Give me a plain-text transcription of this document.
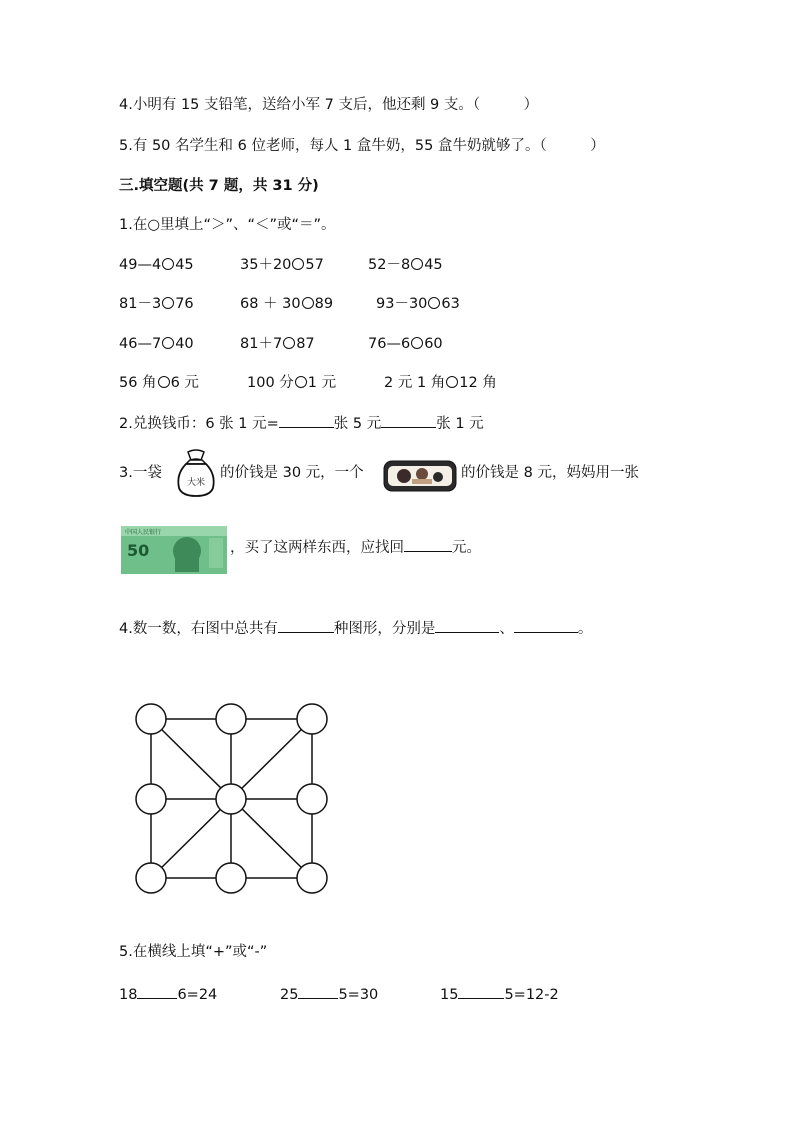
4.小明有 15 支铅笔，送给小军 7 支后，他还剩 9 支。（　　　）
5.有 50 名学生和 6 位老师，每人 1 盒牛奶，55 盒牛奶就够了。（　　　）
三.填空题(共 7 题，共 31 分)
1.在○里填上“＞”、“＜”或“＝”。
49—4 45	35＋20 57	52－8 45
81－3 76	68 ＋ 30 89	93－30 63
46—7 40	81＋7 87	76—6 60
56 角 6 元	100 分 1 元	2 元 1 角 12 角
2.兑换钱币：6 张 1 元=	张 5 元	张 1 元
3.一袋
大米
的价钱是 30 元，一个	的价钱是 8 元，妈妈用一张
中国人民银行
50	，买了这两样东西，应找回	元。
4.数一数，右图中总共有	种图形，分别是	、	。
5.在横线上填“+”或“-”
18	6=24	25	5=30	15	5=12-2
